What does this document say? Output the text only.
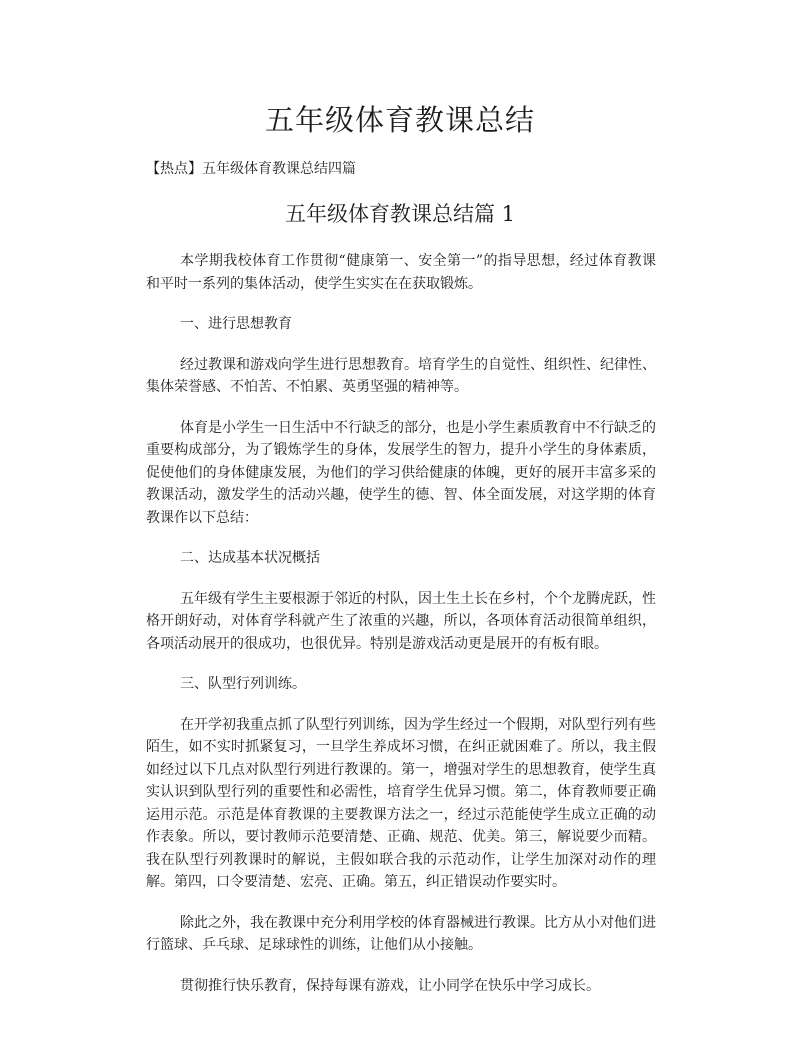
五年级体育教课总结

【热点】五年级体育教课总结四篇

五年级体育教课总结篇 1

本学期我校体育工作贯彻“健康第一、安全第一”的指导思想，经过体育教课和平时一系列的集体活动，使学生实实在在获取锻炼。

一、进行思想教育

经过教课和游戏向学生进行思想教育。培育学生的自觉性、组织性、纪律性、集体荣誉感、不怕苦、不怕累、英勇坚强的精神等。

体育是小学生一日生活中不行缺乏的部分，也是小学生素质教育中不行缺乏的重要构成部分，为了锻炼学生的身体，发展学生的智力，提升小学生的身体素质，促使他们的身体健康发展，为他们的学习供给健康的体魄，更好的展开丰富多采的教课活动，激发学生的活动兴趣，使学生的德、智、体全面发展，对这学期的体育教课作以下总结：

二、达成基本状况概括

五年级有学生主要根源于邻近的村队，因土生土长在乡村，个个龙腾虎跃，性格开朗好动，对体育学科就产生了浓重的兴趣，所以，各项体育活动很简单组织，各项活动展开的很成功，也很优异。特别是游戏活动更是展开的有板有眼。

三、队型行列训练。

在开学初我重点抓了队型行列训练，因为学生经过一个假期，对队型行列有些陌生，如不实时抓紧复习，一旦学生养成坏习惯，在纠正就困难了。所以，我主假如经过以下几点对队型行列进行教课的。第一，增强对学生的思想教育，使学生真实认识到队型行列的重要性和必需性，培育学生优异习惯。第二，体育教师要正确运用示范。示范是体育教课的主要教课方法之一，经过示范能使学生成立正确的动作表象。所以，要讨教师示范要清楚、正确、规范、优美。第三，解说要少而精。我在队型行列教课时的解说，主假如联合我的示范动作，让学生加深对动作的理解。第四，口令要清楚、宏亮、正确。第五，纠正错误动作要实时。

除此之外，我在教课中充分利用学校的体育器械进行教课。比方从小对他们进行篮球、乒乓球、足球球性的训练，让他们从小接触。

贯彻推行快乐教育，保持每课有游戏，让小同学在快乐中学习成长。
